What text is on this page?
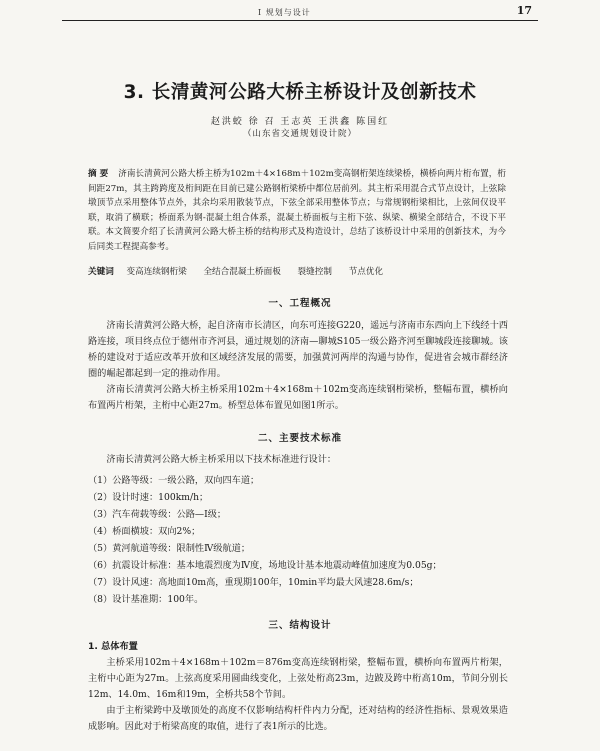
Ⅰ 规划与设计	17
3. 长清黄河公路大桥主桥设计及创新技术
赵洪蛟 徐 召 王志英 王洪鑫 陈国红
（山东省交通规划设计院）
摘 要 济南长清黄河公路大桥主桥为102m＋4×168m＋102m变高钢桁架连续梁桥，横桥向两片桁布置，桁间距27m，其主跨跨度及桁间距在目前已建公路钢桁梁桥中都位居前列。其主桁采用混合式节点设计，上弦除墩顶节点采用整体节点外，其余均采用散装节点，下弦全部采用整体节点；与常规钢桁梁相比，上弦间仅设平联，取消了横联；桥面系为钢-混凝土组合体系，混凝土桥面板与主桁下弦、纵梁、横梁全部结合，不设下平联。本文简要介绍了长清黄河公路大桥主桥的结构形式及构造设计，总结了该桥设计中采用的创新技术，为今后同类工程提高参考。
关键词 变高连续钢桁梁 全结合混凝土桥面板 裂缝控制 节点优化
一、工程概况

济南长清黄河公路大桥，起自济南市长清区，向东可连接G220，遥远与济南市东西向上下线经十西路连接，项目终点位于德州市齐河县，通过规划的济南—聊城S105一级公路齐河至聊城段连接聊城。该桥的建设对于适应改革开放和区域经济发展的需要，加强黄河两岸的沟通与协作，促进省会城市群经济圈的崛起都起到一定的推动作用。

济南长清黄河公路大桥主桥采用102m＋4×168m＋102m变高连续钢桁梁桥，整幅布置，横桥向布置两片桁架，主桁中心距27m。桥型总体布置见如图1所示。

二、主要技术标准

济南长清黄河公路大桥主桥采用以下技术标准进行设计：

（1）公路等级：一级公路，双向四车道；
（2）设计时速：100km/h；
（3）汽车荷载等级：公路—Ⅰ级；
（4）桥面横坡：双向2%；
（5）黄河航道等级：限制性Ⅳ级航道；
（6）抗震设计标准：基本地震烈度为Ⅳ度，场地设计基本地震动峰值加速度为0.05g；
（7）设计风速：高地面10m高，重现期100年，10min平均最大风速28.6m/s；
（8）设计基准期：100年。
三、结构设计
1. 总体布置

主桥采用102m＋4×168m＋102m＝876m变高连续钢桁梁，整幅布置，横桥向布置两片桁架，主桁中心距为27m。上弦高度采用圆曲线变化，上弦处桁高23m，边跛及跨中桁高10m，节间分别长12m、14.0m、16m和19m，全桥共58个节间。

由于主桁梁跨中及墩顶处的高度不仅影响结构杆件内力分配，还对结构的经济性指标、景观效果造成影响。因此对于桁梁高度的取值，进行了表1所示的比选。
